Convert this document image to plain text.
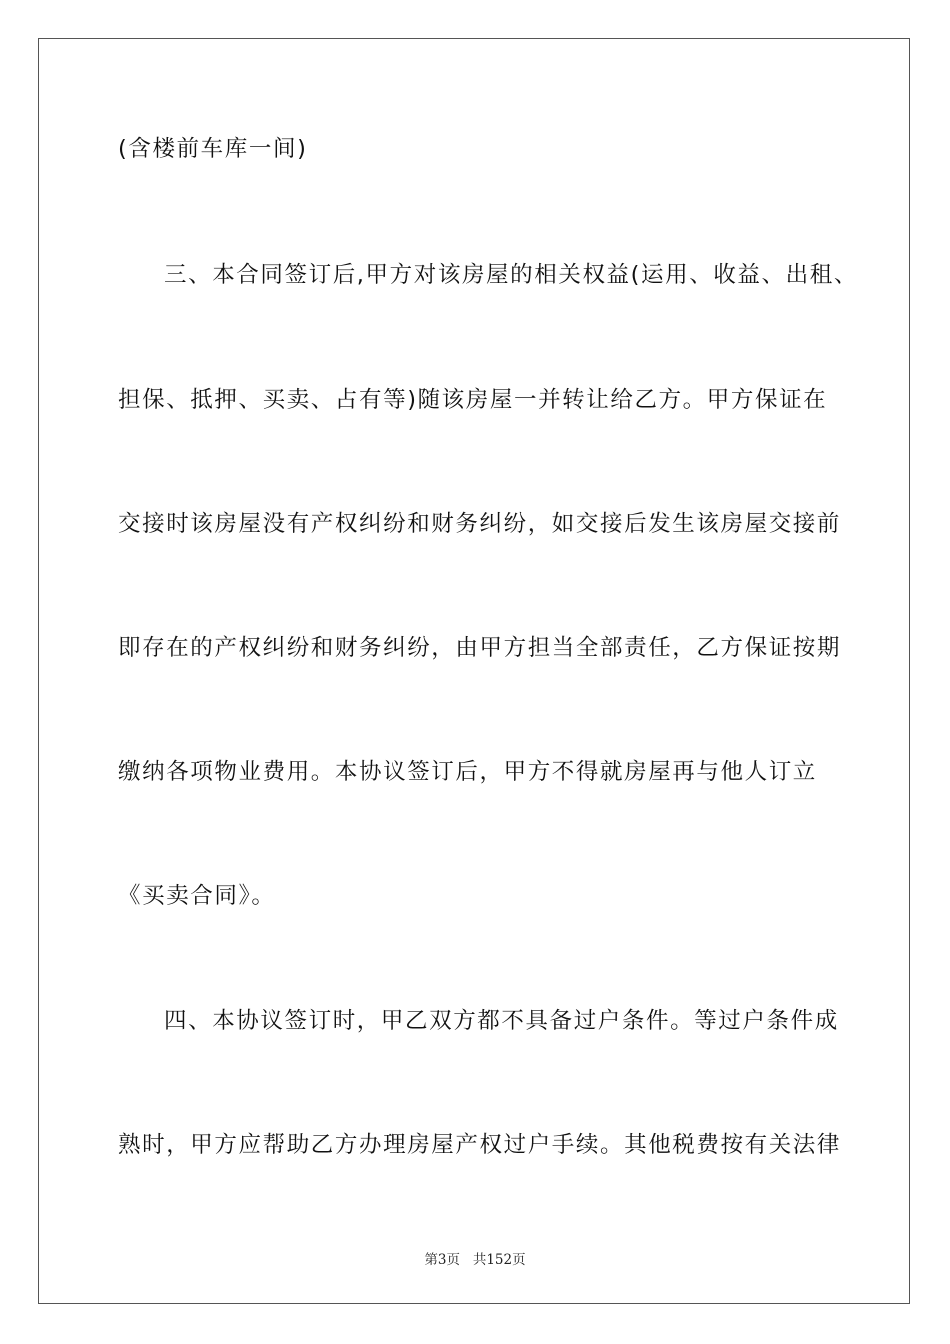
(含楼前车库一间)
三、本合同签订后,甲方对该房屋的相关权益(运用、收益、出租、
担保、抵押、买卖、占有等)随该房屋一并转让给乙方。甲方保证在
交接时该房屋没有产权纠纷和财务纠纷，如交接后发生该房屋交接前
即存在的产权纠纷和财务纠纷，由甲方担当全部责任，乙方保证按期
缴纳各项物业费用。本协议签订后，甲方不得就房屋再与他人订立
《买卖合同》。
四、本协议签订时，甲乙双方都不具备过户条件。等过户条件成
熟时，甲方应帮助乙方办理房屋产权过户手续。其他税费按有关法律
第3页 共152页
